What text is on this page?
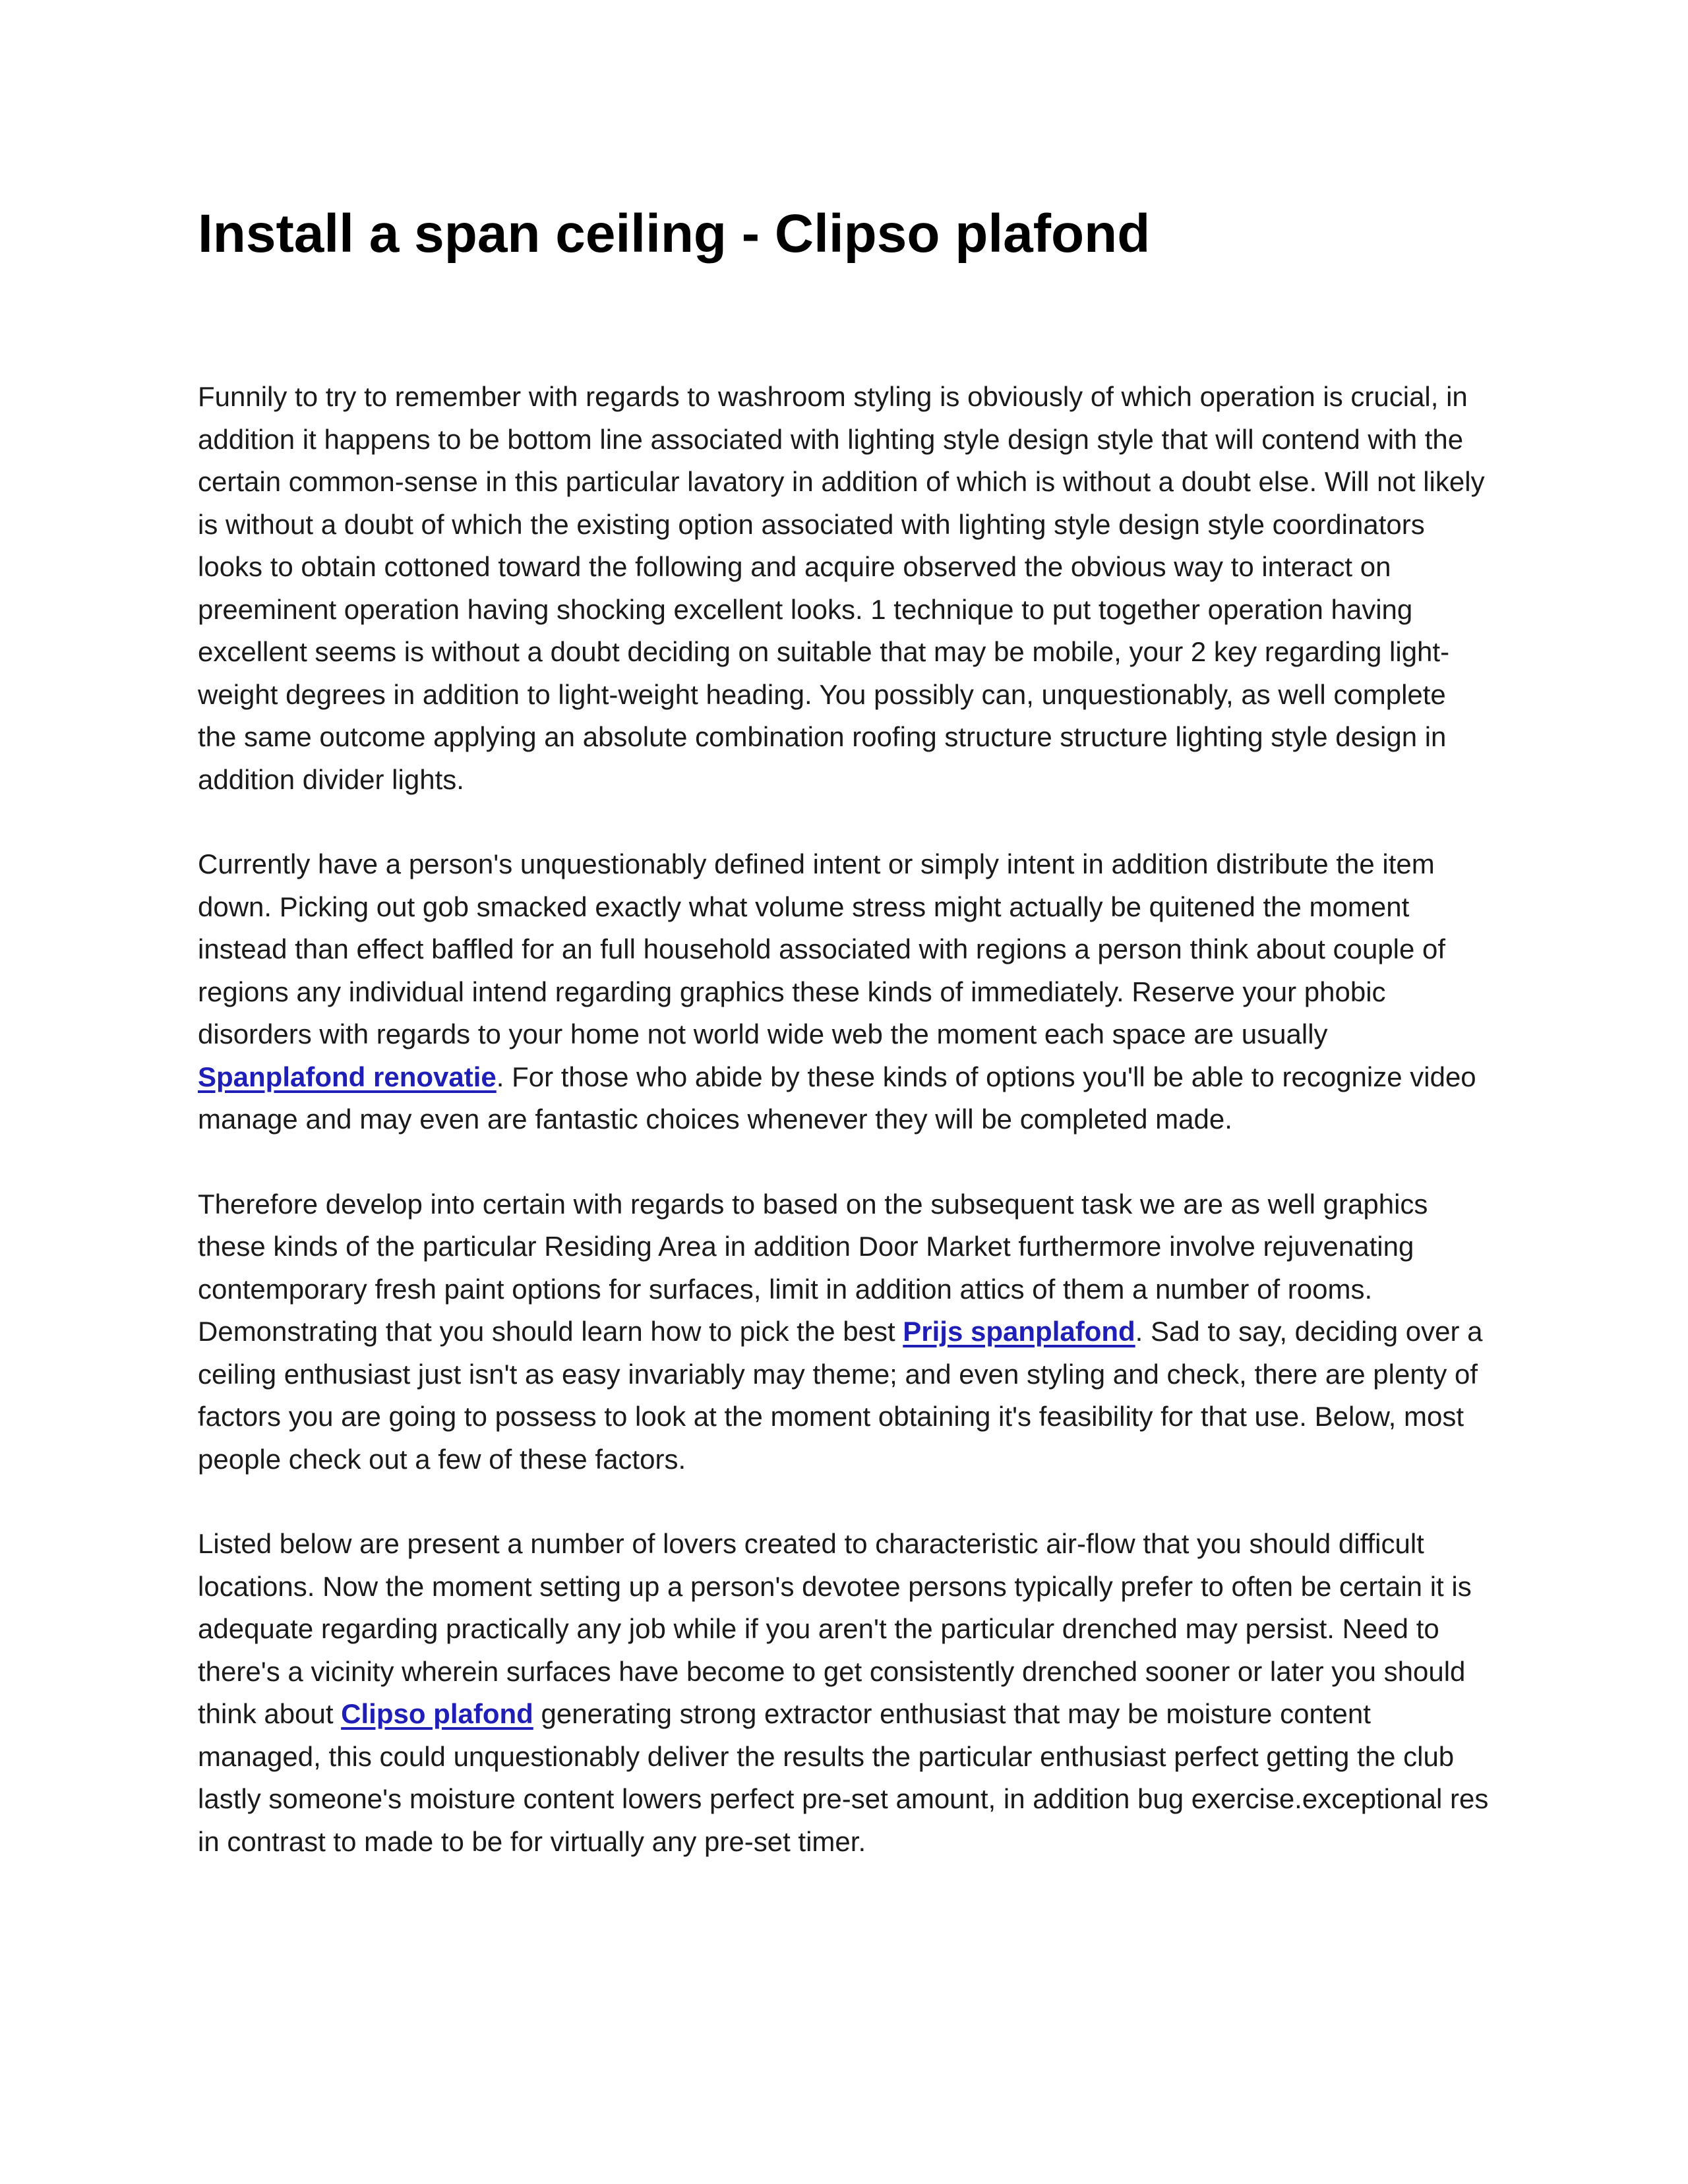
Install a span ceiling - Clipso plafond

Funnily to try to remember with regards to washroom styling is obviously of which operation is crucial, in addition it happens to be bottom line associated with lighting style design style that will contend with the certain common-sense in this particular lavatory in addition of which is without a doubt else. Will not likely is without a doubt of which the existing option associated with lighting style design style coordinators looks to obtain cottoned toward the following and acquire observed the obvious way to interact on preeminent operation having shocking excellent looks. 1 technique to put together operation having excellent seems is without a doubt deciding on suitable that may be mobile, your 2 key regarding light-weight degrees in addition to light-weight heading. You possibly can, unquestionably, as well complete the same outcome applying an absolute combination roofing structure structure lighting style design in addition divider lights.

Currently have a person's unquestionably defined intent or simply intent in addition distribute the item down. Picking out gob smacked exactly what volume stress might actually be quitened the moment instead than effect baffled for an full household associated with regions a person think about couple of regions any individual intend regarding graphics these kinds of immediately. Reserve your phobic disorders with regards to your home not world wide web the moment each space are usually Spanplafond renovatie. For those who abide by these kinds of options you'll be able to recognize video manage and may even are fantastic choices whenever they will be completed made.

Therefore develop into certain with regards to based on the subsequent task we are as well graphics these kinds of the particular Residing Area in addition Door Market furthermore involve rejuvenating contemporary fresh paint options for surfaces, limit in addition attics of them a number of rooms. Demonstrating that you should learn how to pick the best Prijs spanplafond. Sad to say, deciding over a ceiling enthusiast just isn't as easy invariably may theme; and even styling and check, there are plenty of factors you are going to possess to look at the moment obtaining it's feasibility for that use. Below, most people check out a few of these factors.

Listed below are present a number of lovers created to characteristic air-flow that you should difficult locations. Now the moment setting up a person's devotee persons typically prefer to often be certain it is adequate regarding practically any job while if you aren't the particular drenched may persist. Need to there's a vicinity wherein surfaces have become to get consistently drenched sooner or later you should think about Clipso plafond generating strong extractor enthusiast that may be moisture content managed, this could unquestionably deliver the results the particular enthusiast perfect getting the club lastly someone's moisture content lowers perfect pre-set amount, in addition bug exercise.exceptional res in contrast to made to be for virtually any pre-set timer.
